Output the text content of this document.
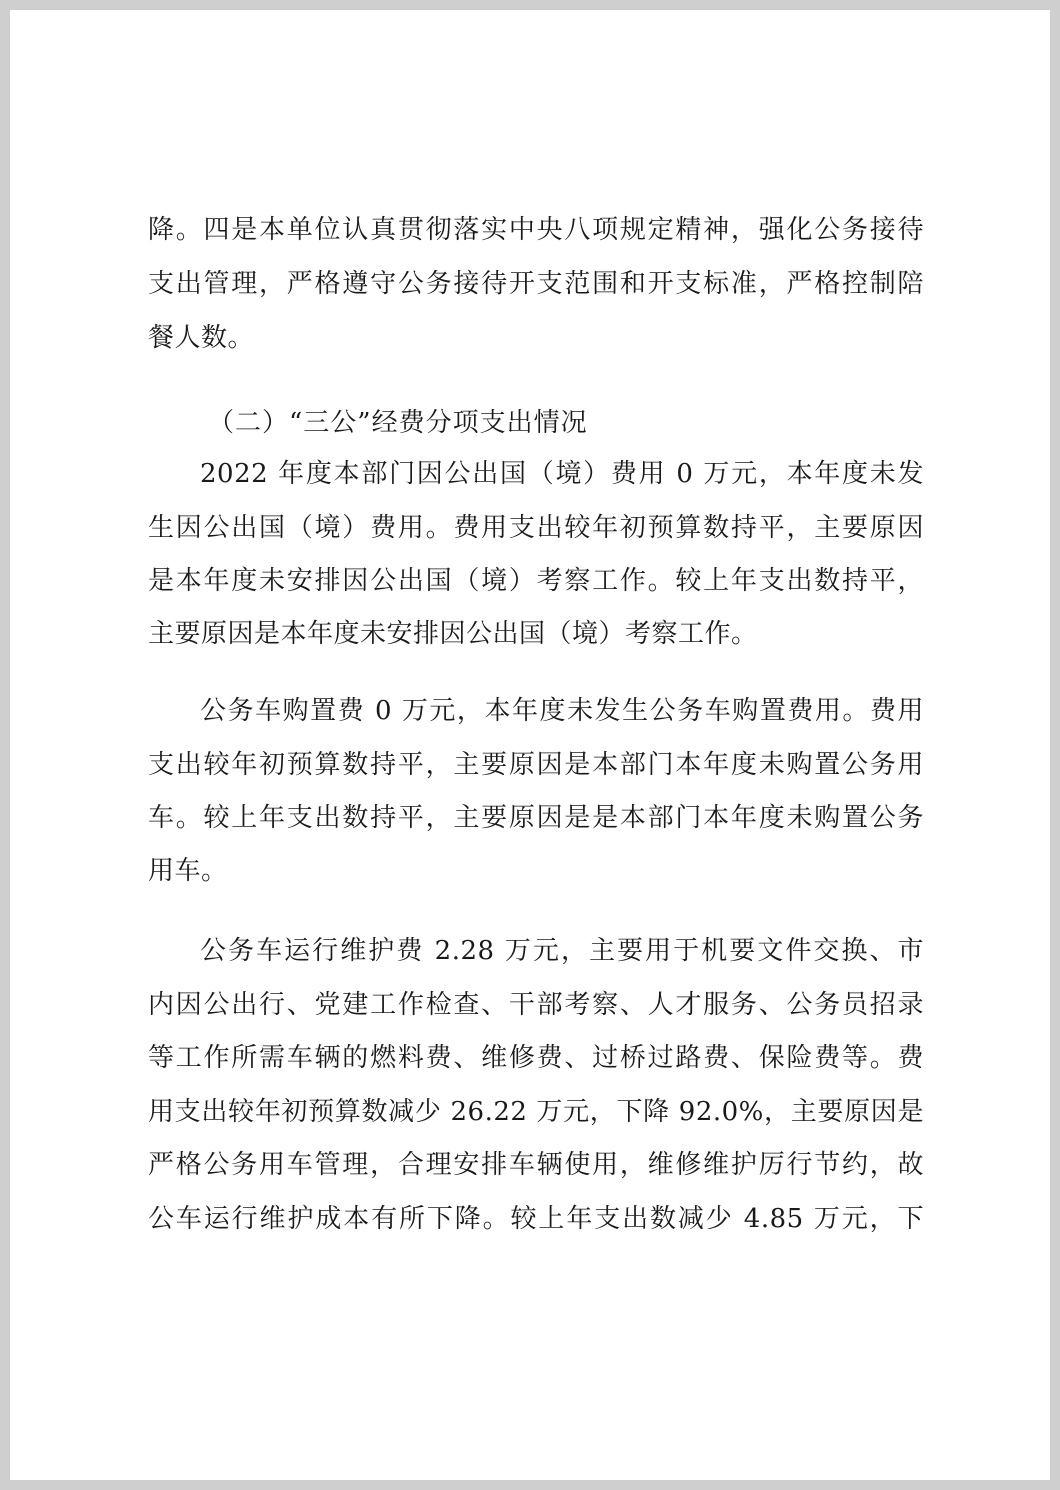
降。四是本单位认真贯彻落实中央八项规定精神，强化公务接待

支出管理，严格遵守公务接待开支范围和开支标准，严格控制陪

餐人数。

（二）“三公”经费分项支出情况

2022 年度本部门因公出国（境）费用 0 万元，本年度未发

生因公出国（境）费用。费用支出较年初预算数持平，主要原因

是本年度未安排因公出国（境）考察工作。较上年支出数持平，

主要原因是本年度未安排因公出国（境）考察工作。

公务车购置费 0 万元，本年度未发生公务车购置费用。费用

支出较年初预算数持平，主要原因是本部门本年度未购置公务用

车。较上年支出数持平，主要原因是是本部门本年度未购置公务

用车。

公务车运行维护费 2.28 万元，主要用于机要文件交换、市

内因公出行、党建工作检查、干部考察、人才服务、公务员招录

等工作所需车辆的燃料费、维修费、过桥过路费、保险费等。费

用支出较年初预算数减少 26.22 万元，下降 92.0%，主要原因是

严格公务用车管理，合理安排车辆使用，维修维护厉行节约，故

公车运行维护成本有所下降。较上年支出数减少 4.85 万元，下
